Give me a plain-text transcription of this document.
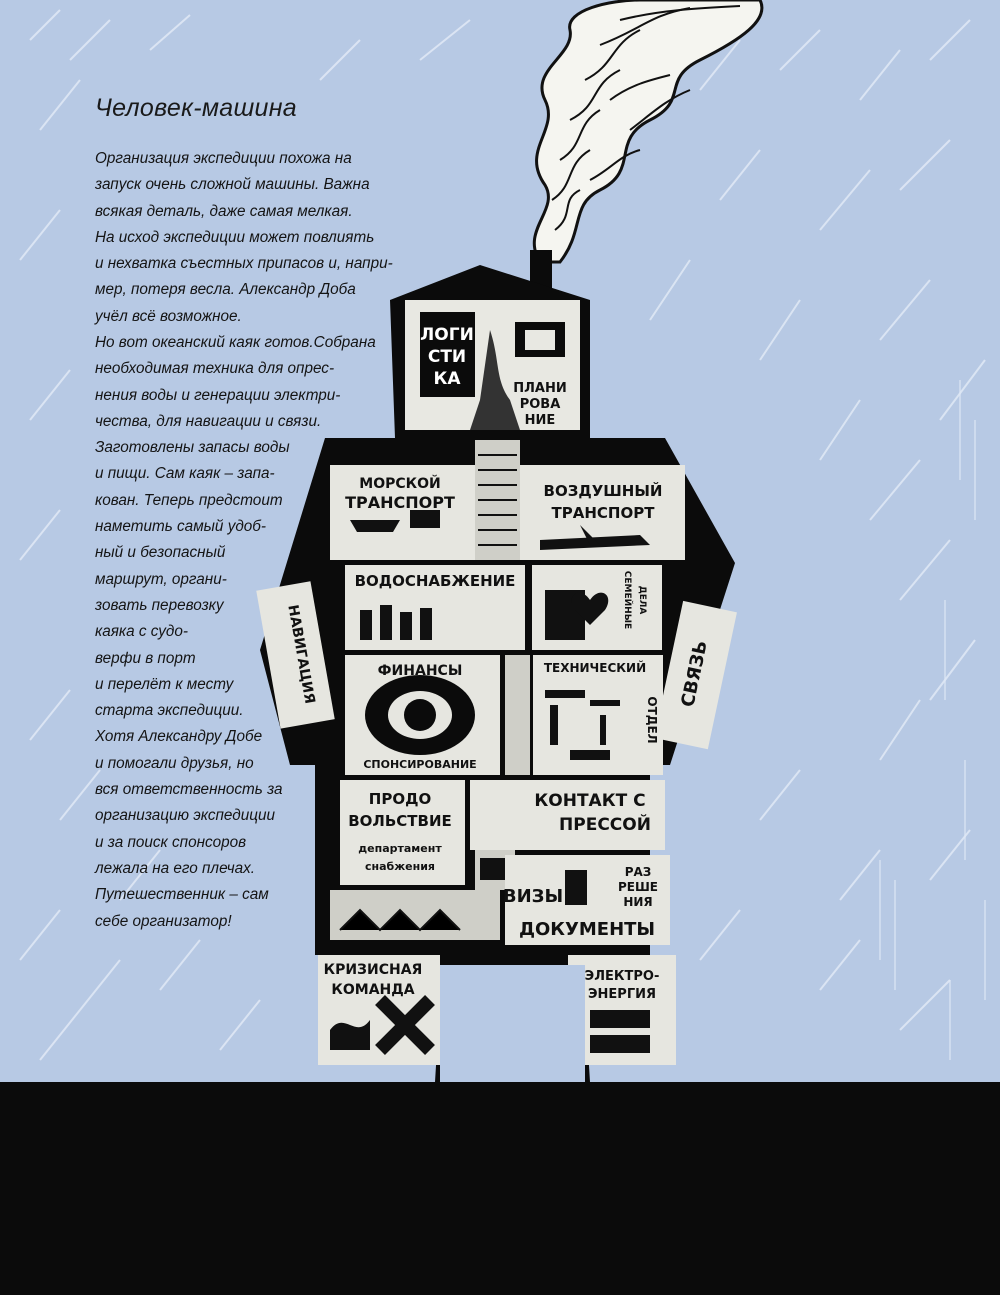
ЛОГИ
СТИ
КА	ПЛАНИ
РОВА
НИЕ
МОРСКОЙ
ТРАНСПОРТ
ВОЗДУШНЫЙ
ТРАНСПОРТ
ВОДОСНАБЖЕНИЕ	СЕМЕЙНЫЕ ДЕЛА
НАВИГАЦИЯ	СВЯЗЬ
ФИНАНСЫ
СПОНСИРОВАНИЕ
ТЕХНИЧЕСКИЙ
ОТДЕЛ
ПРОДО
ВОЛЬСТВИЕ
департамент
снабжения
КОНТАКТ С
ПРЕССОЙ
ВИЗЫ
ДОКУМЕНТЫ
РАЗ
РЕШЕ
НИЯ
КРИЗИСНАЯ
КОМАНДА
ЭЛЕКТРО-
ЭНЕРГИЯ
Человек-машина

Организация экспедиции похожа на
запуск очень сложной машины. Важна
всякая деталь, даже самая мелкая.
На исход экспедиции может повлиять
и нехватка съестных припасов и, напри-
мер, потеря весла. Александр Доба
учёл всё возможное.

Но вот океанский каяк готов.Собрана
необходимая техника для опрес-
нения воды и генерации электри-
чества, для навигации и связи.
Заготовлены запасы воды
и пищи. Сам каяк – запа-
кован. Теперь предстоит
наметить самый удоб-
ный и безопасный
маршрут, органи-
зовать перевозку
каяка с судо-
верфи в порт
и перелёт к месту
старта экспедиции.
Хотя Александру Добе
и помогали друзья, но
вся ответственность за
организацию экспедиции
и за поиск спонсоров
лежала на его плечах.
Путешественник – сам
себе организатор!
